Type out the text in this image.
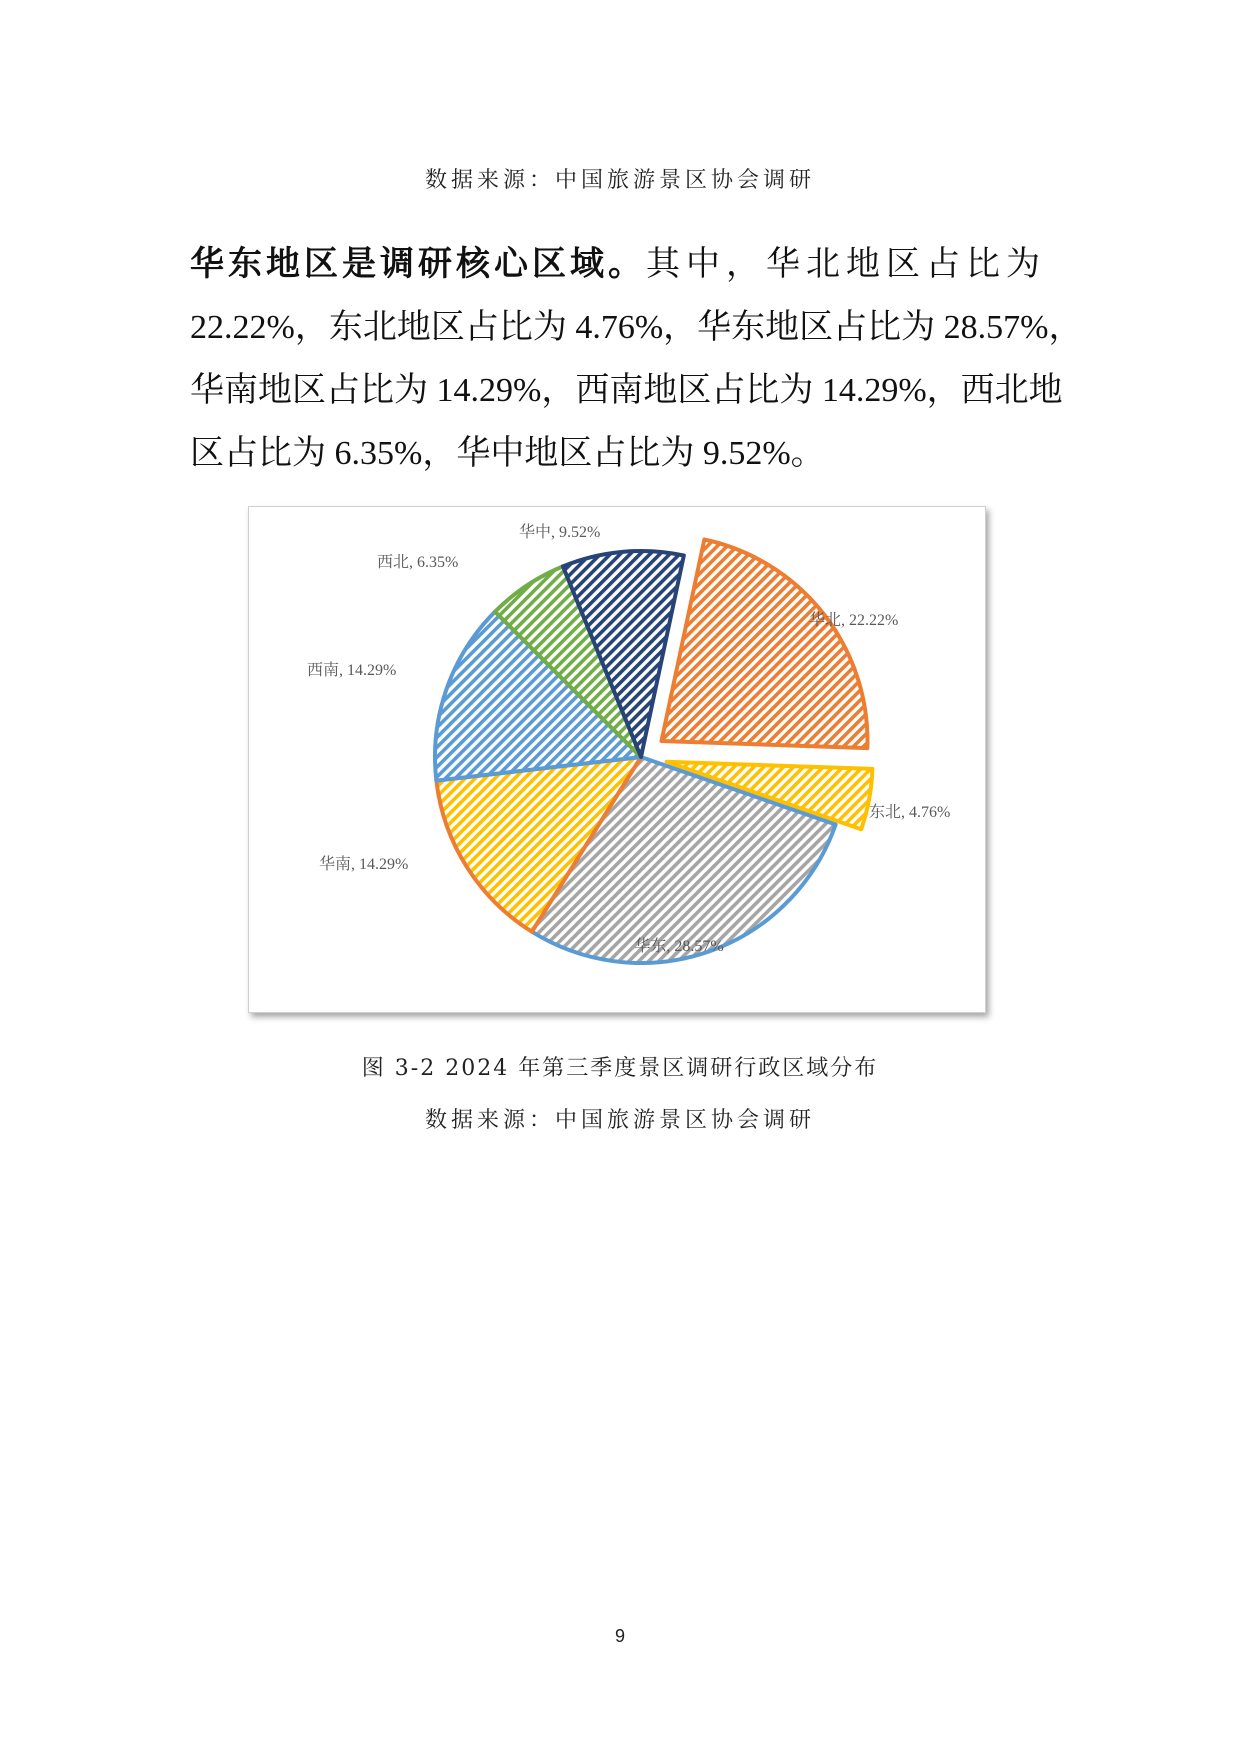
数据来源：中国旅游景区协会调研
华东地区是调研核心区域。其中，华北地区占比为
22.22%，东北地区占比为 4.76%，华东地区占比为 28.57%，
华南地区占比为 14.29%，西南地区占比为 14.29%，西北地
区占比为 6.35%，华中地区占比为 9.52%。
华北, 22.22%
东北, 4.76%
华东, 28.57%
华南, 14.29%
西南, 14.29%
西北, 6.35%
华中, 9.52%
图 3-2 2024 年第三季度景区调研行政区域分布
数据来源：中国旅游景区协会调研
9
